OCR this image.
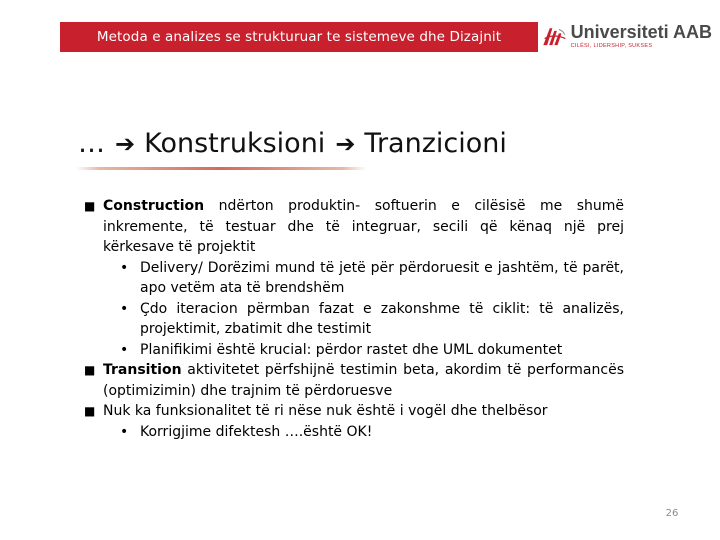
Metoda e analizes se strukturuar te sistemeve dhe Dizajnit	Universiteti AAB
CILËSI, LIDERSHIP, SUKSES
… ➔ Konstruksioni ➔ Tranzicioni
■ Construction ndërton produktin- softuerin e cilësisë me shumë inkremente, të testuar dhe të integruar, secili që kënaq një prej kërkesave të projektit
• Delivery/ Dorëzimi mund të jetë për përdoruesit e jashtëm, të parët, apo vetëm ata të brendshëm
• Çdo iteracion përmban fazat e zakonshme të ciklit: të analizës, projektimit, zbatimit dhe testimit
• Planifikimi është krucial: përdor rastet dhe UML dokumentet
■ Transition aktivitetet përfshijnë testimin beta, akordim të performancës (optimizimin) dhe trajnim të përdoruesve
■ Nuk ka funksionalitet të ri nëse nuk është i vogël dhe thelbësor
• Korrigjime difektesh ….është OK!
26
